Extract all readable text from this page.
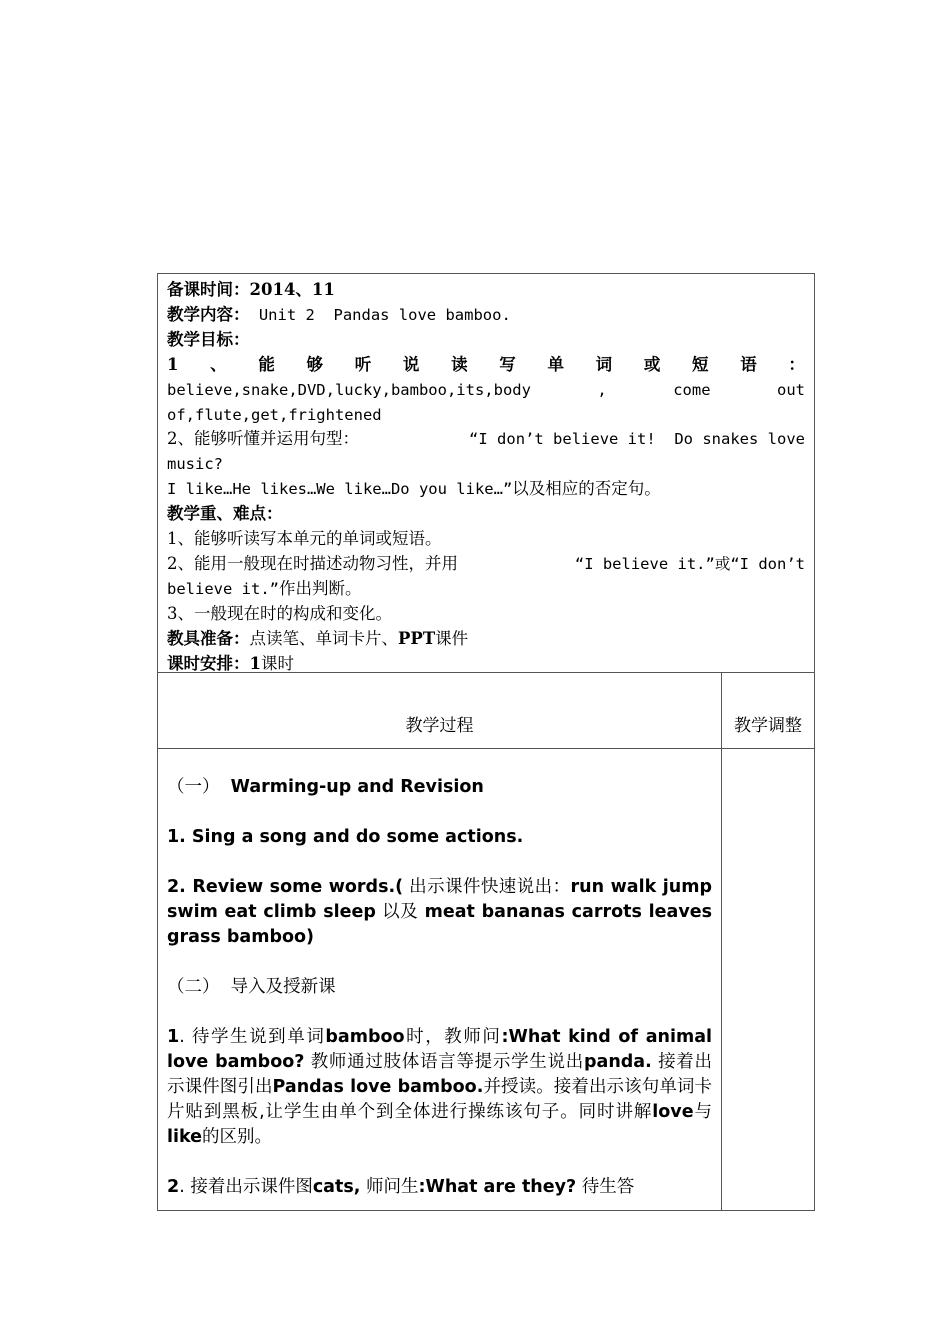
备课时间：2014、11
教学内容： Unit 2  Pandas love bamboo.
教学目标：
1 、 能 够 听 说 读 写 单 词 或 短 语 ：
believe,snake,DVD,lucky,bamboo,its,body	,	come	out
of,flute,get,frightened
2、能够听懂并运用句型：	“I don’t believe it!  Do snakes love
music?
I like…He likes…We like…Do you like…”以及相应的否定句。
教学重、难点：
1、能够听读写本单元的单词或短语。
2、能用一般现在时描述动物习性，并用	“I believe it.”或“I don’t
believe it.”作出判断。
3、一般现在时的构成和变化。
教具准备：点读笔、单词卡片、PPT课件
课时安排：1课时
教学过程	教学调整

（一） Warming-up and Revision

1. Sing a song and do some actions.

2. Review some words.( 出示课件快速说出：run walk jump swim eat climb sleep 以及 meat bananas carrots leaves grass bamboo)

（二） 导入及授新课

1. 待学生说到单词bamboo时，教师问:What kind of animal love bamboo? 教师通过肢体语言等提示学生说出panda. 接着出示课件图引出Pandas love bamboo.并授读。接着出示该句单词卡片贴到黑板,让学生由单个到全体进行操练该句子。同时讲解love与like的区别。

2. 接着出示课件图cats, 师问生:What are they? 待生答
